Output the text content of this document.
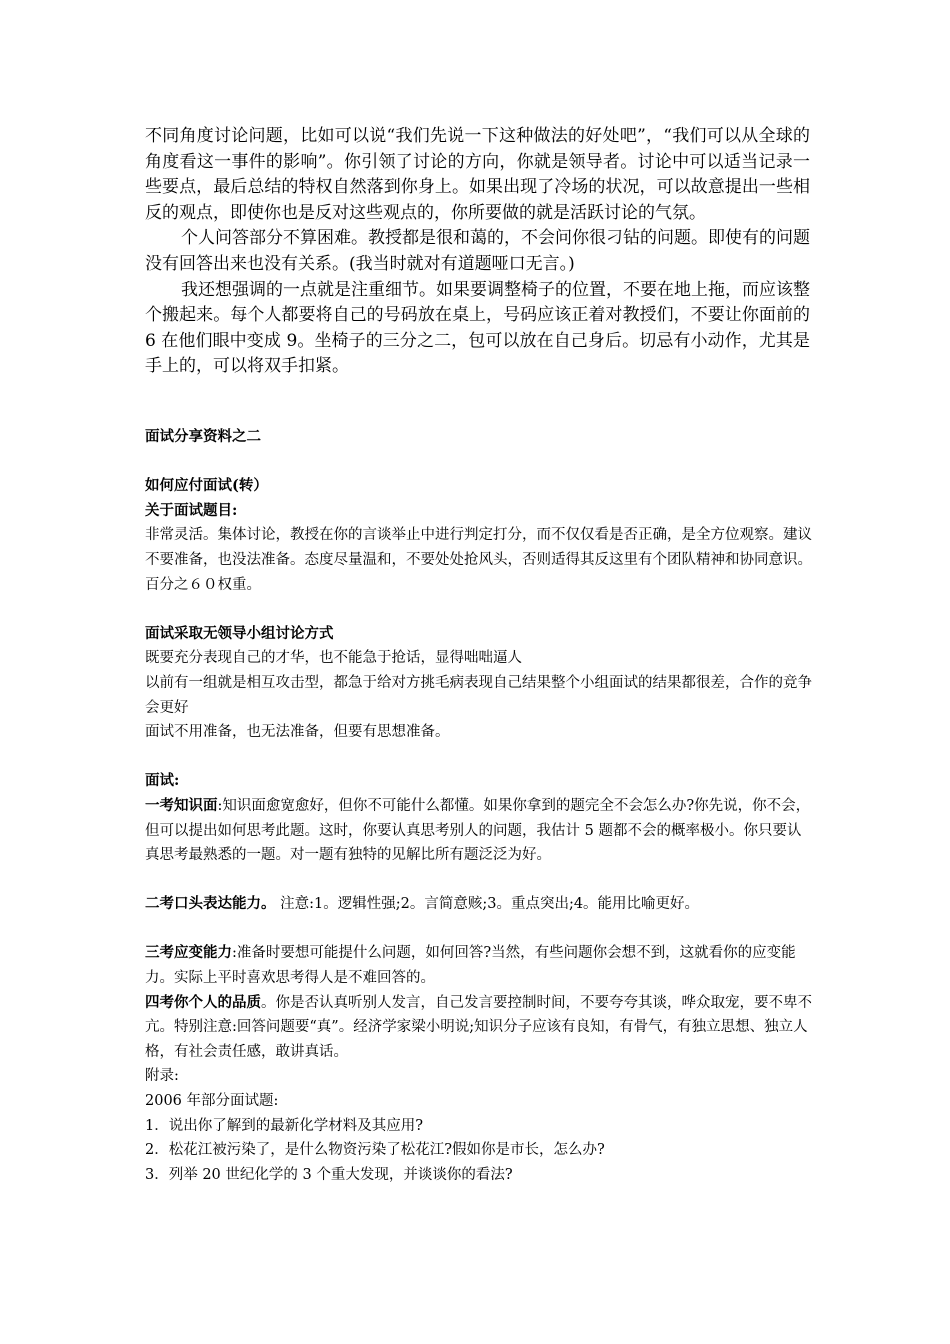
不同角度讨论问题，比如可以说“我们先说一下这种做法的好处吧”，“我们可以从全球的角度看这一事件的影响”。你引领了讨论的方向，你就是领导者。讨论中可以适当记录一些要点，最后总结的特权自然落到你身上。如果出现了冷场的状况，可以故意提出一些相反的观点，即使你也是反对这些观点的，你所要做的就是活跃讨论的气氛。

个人问答部分不算困难。教授都是很和蔼的，不会问你很刁钻的问题。即使有的问题没有回答出来也没有关系。(我当时就对有道题哑口无言。)

我还想强调的一点就是注重细节。如果要调整椅子的位置，不要在地上拖，而应该整个搬起来。每个人都要将自己的号码放在桌上，号码应该正着对教授们，不要让你面前的 6 在他们眼中变成 9。坐椅子的三分之二，包可以放在自己身后。切忌有小动作，尤其是手上的，可以将双手扣紧。

面试分享资料之二

如何应付面试(转）

关于面试题目:

非常灵活。集体讨论，教授在你的言谈举止中进行判定打分，而不仅仅看是否正确，是全方位观察。建议不要准备，也没法准备。态度尽量温和，不要处处抢风头，否则适得其反这里有个团队精神和协同意识。百分之６０权重。

面试采取无领导小组讨论方式

既要充分表现自己的才华，也不能急于抢话，显得咄咄逼人

以前有一组就是相互攻击型，都急于给对方挑毛病表现自己结果整个小组面试的结果都很差，合作的竞争会更好

面试不用准备，也无法准备，但要有思想准备。

面试:

一考知识面:知识面愈宽愈好，但你不可能什么都懂。如果你拿到的题完全不会怎么办?你先说，你不会，但可以提出如何思考此题。这时，你要认真思考别人的问题，我估计 5 题都不会的概率极小。你只要认真思考最熟悉的一题。对一题有独特的见解比所有题泛泛为好。

二考口头表达能力。 注意:1。逻辑性强;2。言简意赅;3。重点突出;4。能用比喻更好。

三考应变能力:准备时要想可能提什么问题，如何回答?当然，有些问题你会想不到，这就看你的应变能力。实际上平时喜欢思考得人是不难回答的。

四考你个人的品质。你是否认真听别人发言，自己发言要控制时间，不要夸夸其谈，哗众取宠，要不卑不亢。特别注意:回答问题要“真”。经济学家梁小明说;知识分子应该有良知，有骨气，有独立思想、独立人格，有社会责任感，敢讲真话。

附录:

2006 年部分面试题:

1．说出你了解到的最新化学材料及其应用?

2．松花江被污染了，是什么物资污染了松花江?假如你是市长，怎么办?

3．列举 20 世纪化学的 3 个重大发现，并谈谈你的看法?
